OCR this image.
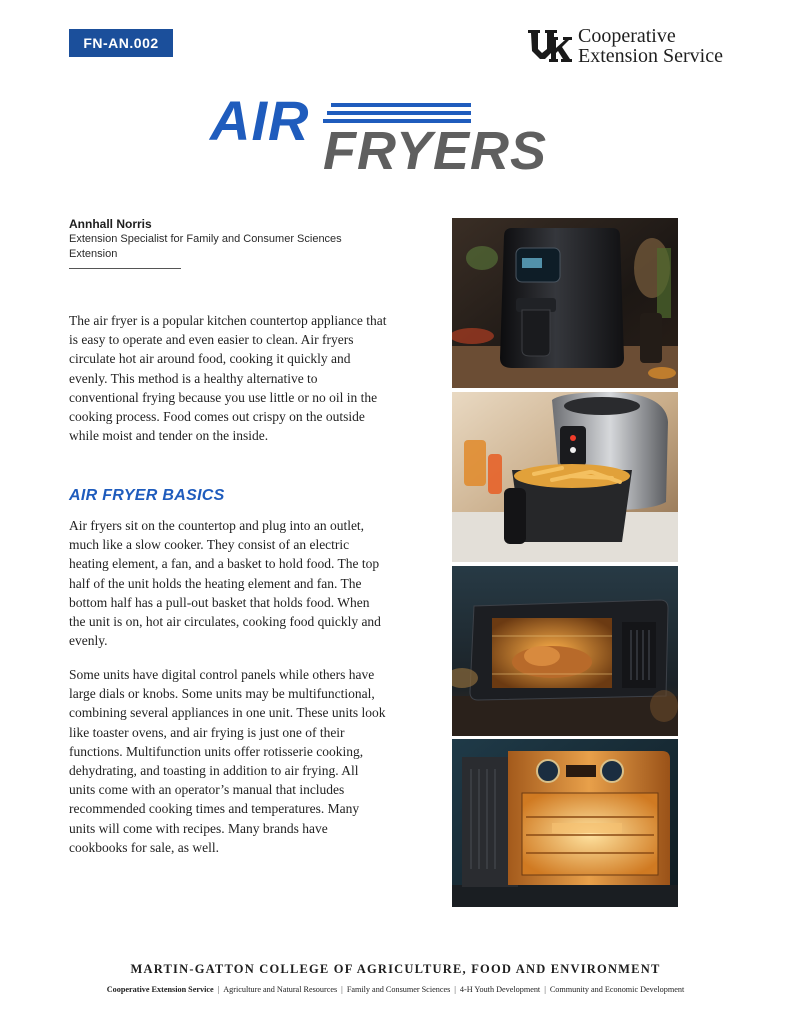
FN-AN.002	Cooperative
Extension Service
AIR FRYERS
Annhall Norris
Extension Specialist for Family and Consumer Sciences Extension
The air fryer is a popular kitchen countertop appliance that is easy to operate and even easier to clean. Air fryers circulate hot air around food, cooking it quickly and evenly. This method is a healthy alternative to conventional frying because you use little or no oil in the cooking process. Food comes out crispy on the outside while moist and tender on the inside.
AIR FRYER BASICS
Air fryers sit on the countertop and plug into an outlet, much like a slow cooker. They consist of an electric heating element, a fan, and a basket to hold food. The top half of the unit holds the heating element and fan. The bottom half has a pull-out basket that holds food. When the unit is on, hot air circulates, cooking food quickly and evenly.
Some units have digital control panels while others have large dials or knobs. Some units may be multifunctional, combining several appliances in one unit. These units look like toaster ovens, and air frying is just one of their functions. Multifunction units offer rotisserie cooking, dehydrating, and toasting in addition to air frying. All units come with an operator’s manual that includes recommended cooking times and temperatures. Many units will come with recipes. Many brands have cookbooks for sale, as well.
MARTIN-GATTON COLLEGE OF AGRICULTURE, FOOD AND ENVIRONMENT
Cooperative Extension Service | Agriculture and Natural Resources | Family and Consumer Sciences | 4-H Youth Development | Community and Economic Development
